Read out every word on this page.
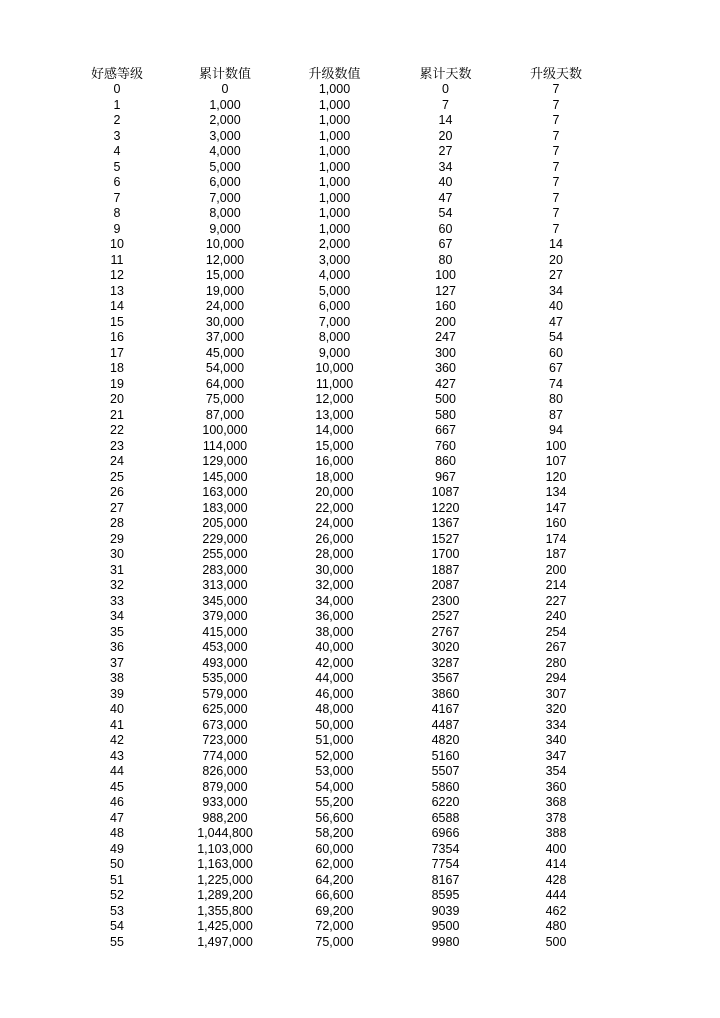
好感等级	累计数值	升级数值	累计天数	升级天数
0	0	1,000	0	7
1	1,000	1,000	7	7
2	2,000	1,000	14	7
3	3,000	1,000	20	7
4	4,000	1,000	27	7
5	5,000	1,000	34	7
6	6,000	1,000	40	7
7	7,000	1,000	47	7
8	8,000	1,000	54	7
9	9,000	1,000	60	7
10	10,000	2,000	67	14
11	12,000	3,000	80	20
12	15,000	4,000	100	27
13	19,000	5,000	127	34
14	24,000	6,000	160	40
15	30,000	7,000	200	47
16	37,000	8,000	247	54
17	45,000	9,000	300	60
18	54,000	10,000	360	67
19	64,000	11,000	427	74
20	75,000	12,000	500	80
21	87,000	13,000	580	87
22	100,000	14,000	667	94
23	114,000	15,000	760	100
24	129,000	16,000	860	107
25	145,000	18,000	967	120
26	163,000	20,000	1087	134
27	183,000	22,000	1220	147
28	205,000	24,000	1367	160
29	229,000	26,000	1527	174
30	255,000	28,000	1700	187
31	283,000	30,000	1887	200
32	313,000	32,000	2087	214
33	345,000	34,000	2300	227
34	379,000	36,000	2527	240
35	415,000	38,000	2767	254
36	453,000	40,000	3020	267
37	493,000	42,000	3287	280
38	535,000	44,000	3567	294
39	579,000	46,000	3860	307
40	625,000	48,000	4167	320
41	673,000	50,000	4487	334
42	723,000	51,000	4820	340
43	774,000	52,000	5160	347
44	826,000	53,000	5507	354
45	879,000	54,000	5860	360
46	933,000	55,200	6220	368
47	988,200	56,600	6588	378
48	1,044,800	58,200	6966	388
49	1,103,000	60,000	7354	400
50	1,163,000	62,000	7754	414
51	1,225,000	64,200	8167	428
52	1,289,200	66,600	8595	444
53	1,355,800	69,200	9039	462
54	1,425,000	72,000	9500	480
55	1,497,000	75,000	9980	500
